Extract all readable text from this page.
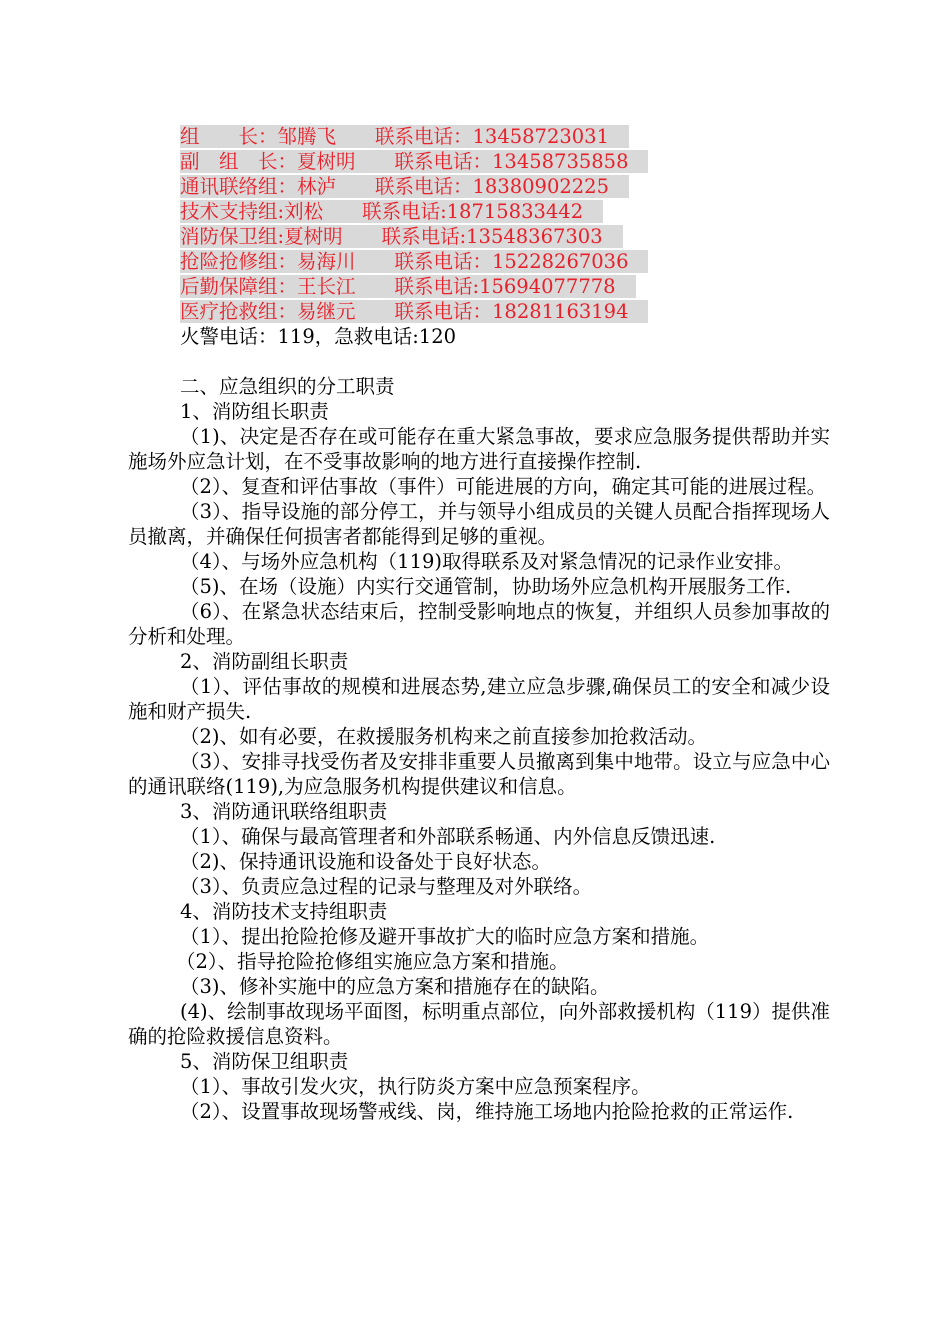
组　　长：邹腾飞　　联系电话：13458723031
副　组　长：夏树明　　联系电话：13458735858
通讯联络组：林泸　　联系电话：18380902225
技术支持组:刘松　　联系电话:18715833442
消防保卫组:夏树明　　联系电话:13548367303
抢险抢修组：易海川　　联系电话：15228267036
后勤保障组：王长江　　联系电话:15694077778
医疗抢救组：易继元　　联系电话：18281163194
火警电话：119，急救电话:120

二、应急组织的分工职责

1、消防组长职责

（1)、决定是否存在或可能存在重大紧急事故，要求应急服务提供帮助并实施场外应急计划，在不受事故影响的地方进行直接操作控制.

（2）、复查和评估事故（事件）可能进展的方向，确定其可能的进展过程。

（3）、指导设施的部分停工，并与领导小组成员的关键人员配合指挥现场人员撤离，并确保任何损害者都能得到足够的重视。

（4）、与场外应急机构（119)取得联系及对紧急情况的记录作业安排。

（5)、在场（设施）内实行交通管制，协助场外应急机构开展服务工作.

（6）、在紧急状态结束后，控制受影响地点的恢复，并组织人员参加事故的分析和处理。

2、消防副组长职责

（1）、评估事故的规模和进展态势,建立应急步骤,确保员工的安全和减少设施和财产损失.

（2)、如有必要，在救援服务机构来之前直接参加抢救活动。

（3）、安排寻找受伤者及安排非重要人员撤离到集中地带。设立与应急中心的通讯联络(119),为应急服务机构提供建议和信息。

3、消防通讯联络组职责

（1）、确保与最高管理者和外部联系畅通、内外信息反馈迅速.

（2)、保持通讯设施和设备处于良好状态。

（3）、负责应急过程的记录与整理及对外联络。

4、消防技术支持组职责

（1）、提出抢险抢修及避开事故扩大的临时应急方案和措施。

（2）、指导抢险抢修组实施应急方案和措施。

（3)、修补实施中的应急方案和措施存在的缺陷。

(4)、绘制事故现场平面图，标明重点部位，向外部救援机构（119）提供准确的抢险救援信息资料。

5、消防保卫组职责

（1）、事故引发火灾，执行防炎方案中应急预案程序。

（2）、设置事故现场警戒线、岗，维持施工场地内抢险抢救的正常运作.
